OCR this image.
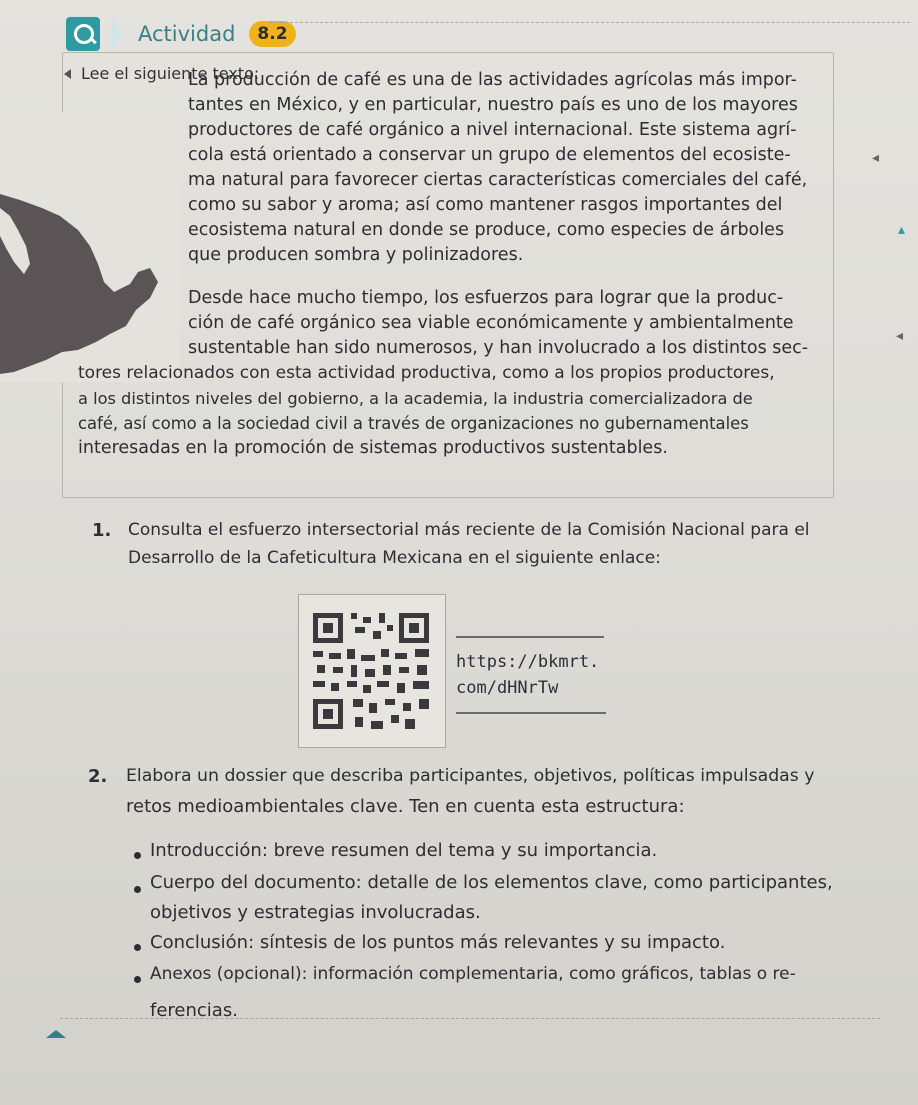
Actividad	8.2
Lee el siguiente texto:
La producción de café es una de las actividades agrícolas más impor-
tantes en México, y en particular, nuestro país es uno de los mayores
productores de café orgánico a nivel internacional. Este sistema agrí-
cola está orientado a conservar un grupo de elementos del ecosiste-
ma natural para favorecer ciertas características comerciales del café,
como su sabor y aroma; así como mantener rasgos importantes del
ecosistema natural en donde se produce, como especies de árboles
que producen sombra y polinizadores.
Desde hace mucho tiempo, los esfuerzos para lograr que la produc-
ción de café orgánico sea viable económicamente y ambientalmente
sustentable han sido numerosos, y han involucrado a los distintos sec-
tores relacionados con esta actividad productiva, como a los propios productores,
a los distintos niveles del gobierno, a la academia, la industria comercializadora de
café, así como a la sociedad civil a través de organizaciones no gubernamentales
interesadas en la promoción de sistemas productivos sustentables.
1. Consulta el esfuerzo intersectorial más reciente de la Comisión Nacional para el
Desarrollo de la Cafeticultura Mexicana en el siguiente enlace:
https://bkmrt.
com/dHNrTw
2. Elabora un dossier que describa participantes, objetivos, políticas impulsadas y
retos medioambientales clave. Ten en cuenta esta estructura:
Introducción: breve resumen del tema y su importancia.
Cuerpo del documento: detalle de los elementos clave, como participantes,
objetivos y estrategias involucradas.
Conclusión: síntesis de los puntos más relevantes y su impacto.
Anexos (opcional): información complementaria, como gráficos, tablas o re-
ferencias.
◂
▴
◂
